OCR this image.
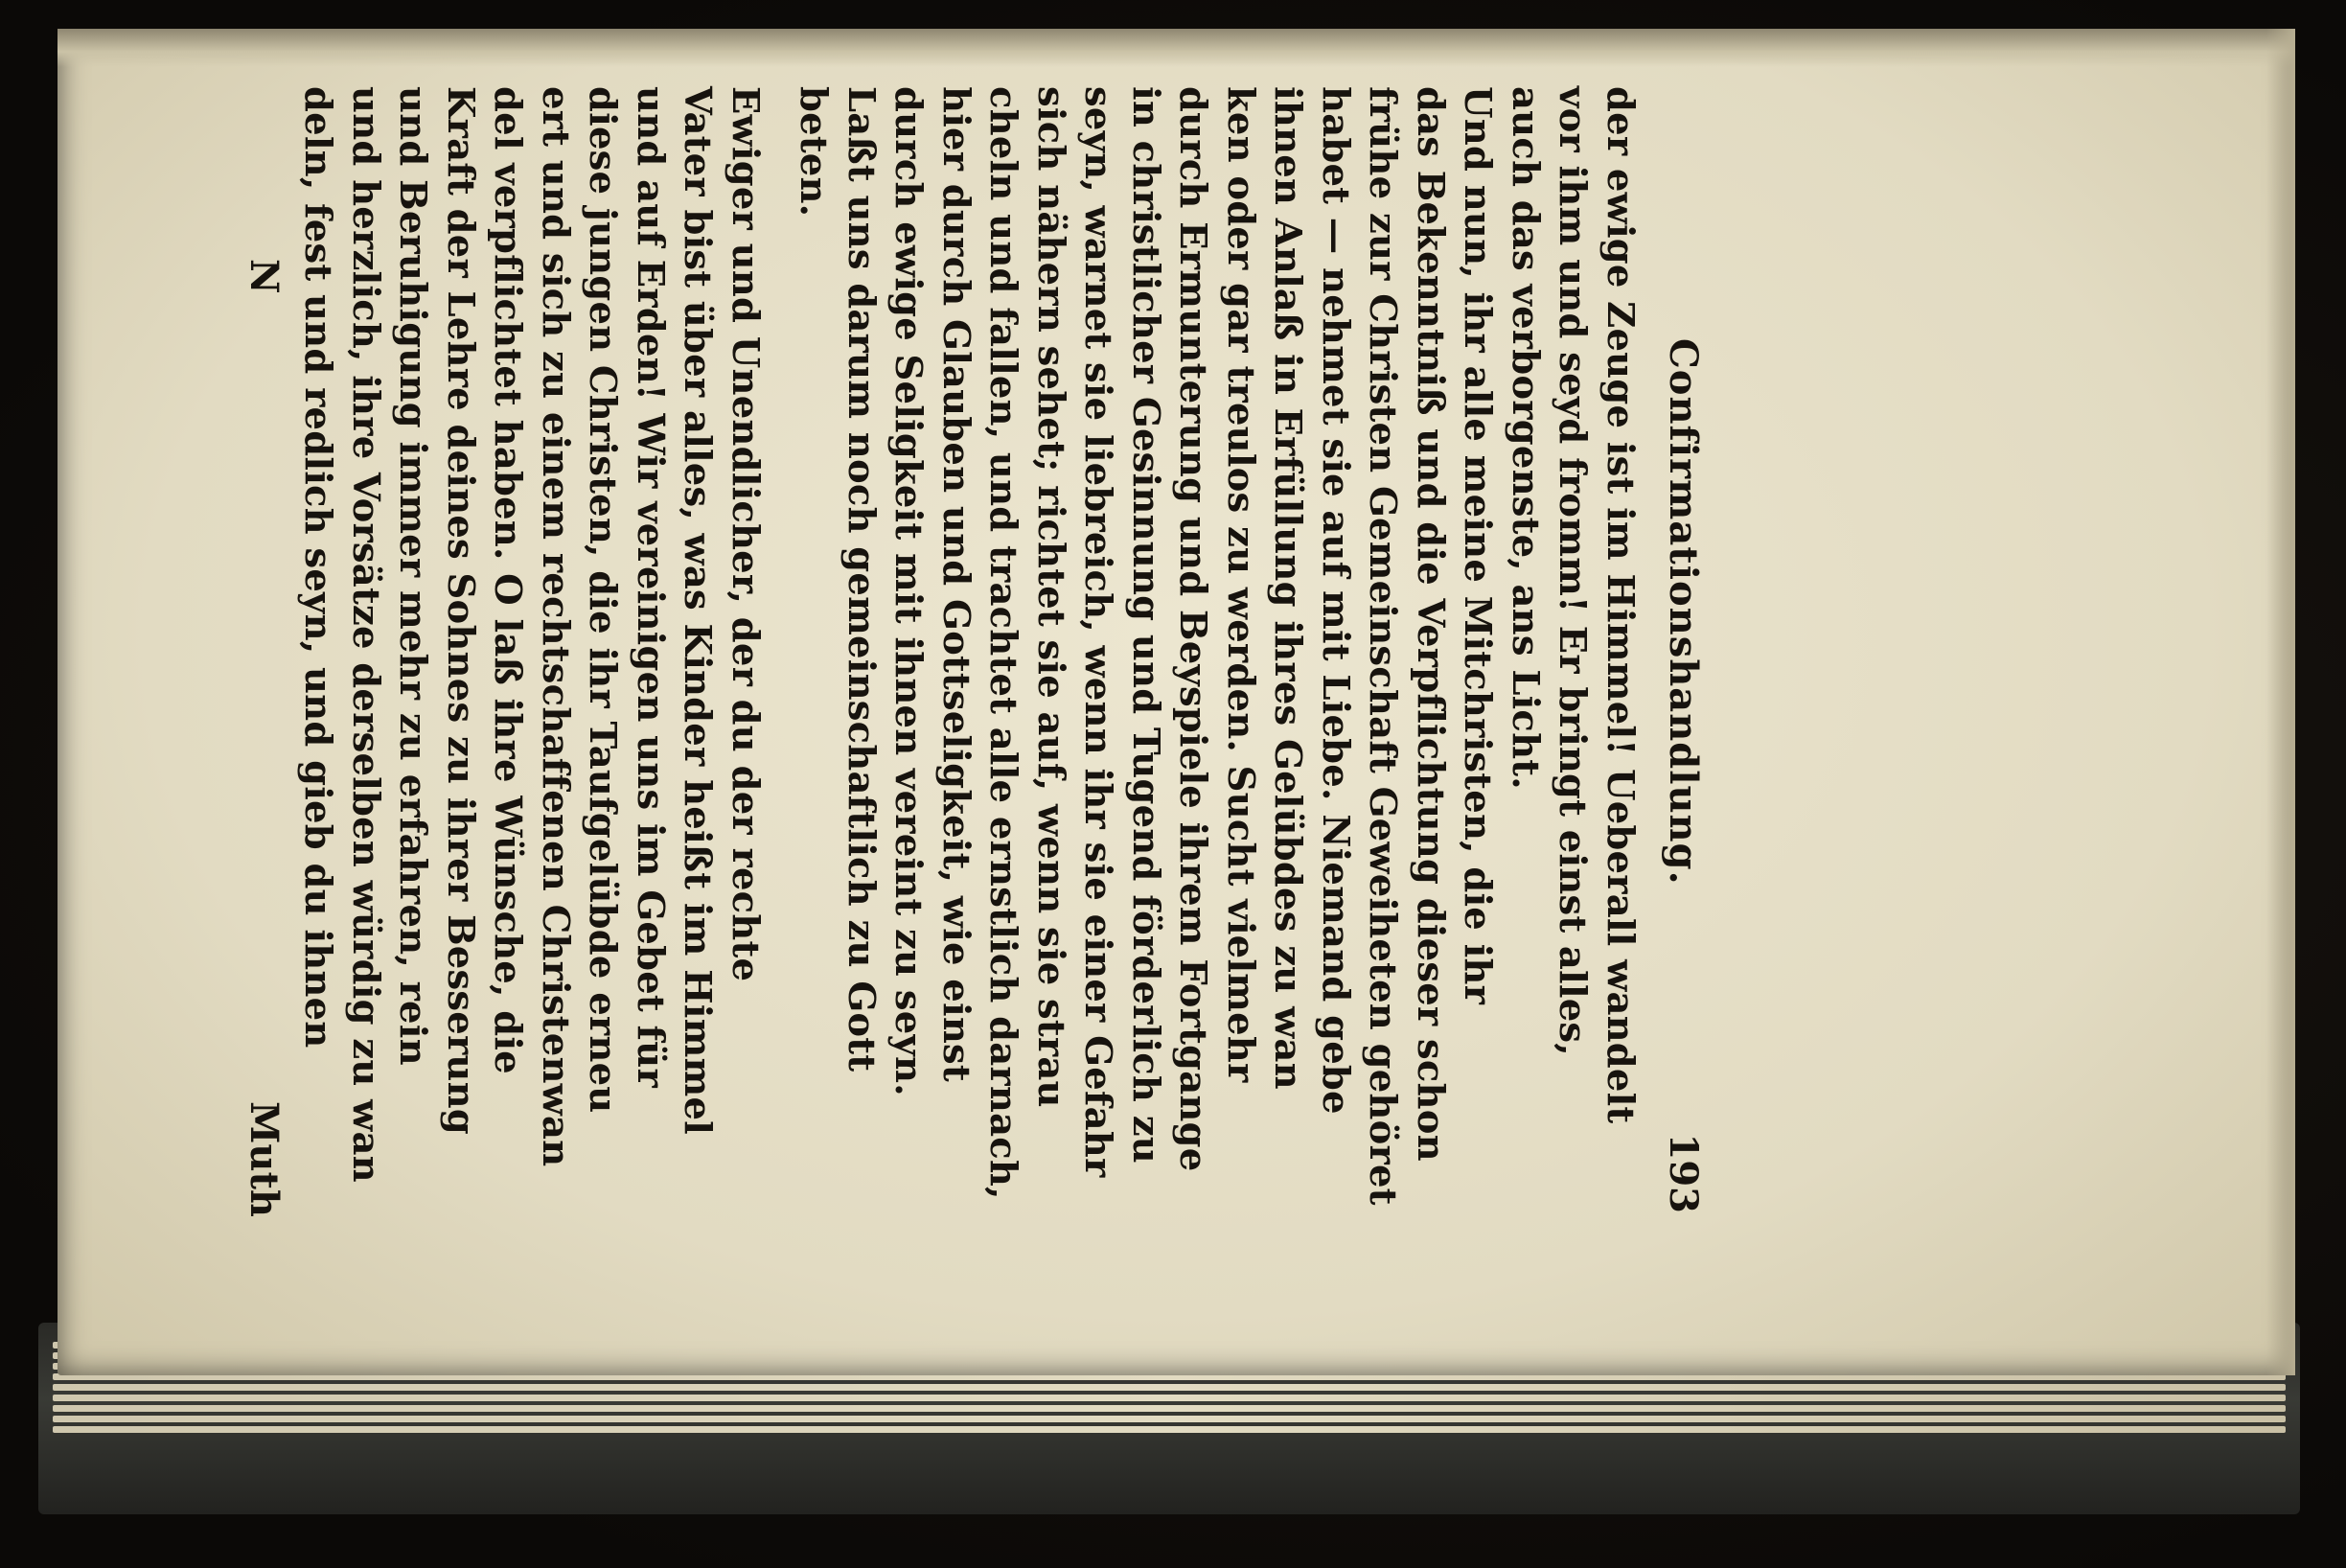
Confirmationshandlung.
193
der ewige Zeuge ist im Himmel! Ueberall wandelt
vor ihm und seyd fromm! Er bringt einst alles,
auch das verborgenste, ans Licht.
Und nun, ihr alle meine Mitchristen, die ihr
das Bekenntniß und die Verpflichtung dieser schon
frühe zur Christen Gemeinschaft Geweiheten gehöret
habet — nehmet sie auf mit Liebe. Niemand gebe
ihnen Anlaß in Erfüllung ihres Gelübdes zu wan
ken oder gar treulos zu werden. Sucht vielmehr
durch Ermunterung und Beyspiele ihrem Fortgange
in christlicher Gesinnung und Tugend förderlich zu
seyn, warnet sie liebreich, wenn ihr sie einer Gefahr
sich nähern sehet; richtet sie auf, wenn sie strau
cheln und fallen, und trachtet alle ernstlich darnach,
hier durch Glauben und Gottseligkeit, wie einst
durch ewige Seligkeit mit ihnen vereint zu seyn.
Laßt uns darum noch gemeinschaftlich zu Gott
beten.
Ewiger und Unendlicher, der du der rechte
Vater bist über alles, was Kinder heißt im Himmel
und auf Erden! Wir vereinigen uns im Gebet für
diese jungen Christen, die ihr Taufgelübde erneu
ert und sich zu einem rechtschaffenen Christenwan
del verpflichtet haben. O laß ihre Wünsche, die
Kraft der Lehre deines Sohnes zu ihrer Besserung
und Beruhigung immer mehr zu erfahren, rein
und herzlich, ihre Vorsätze derselben würdig zu wan
deln, fest und redlich seyn, und gieb du ihnen
N
Muth
